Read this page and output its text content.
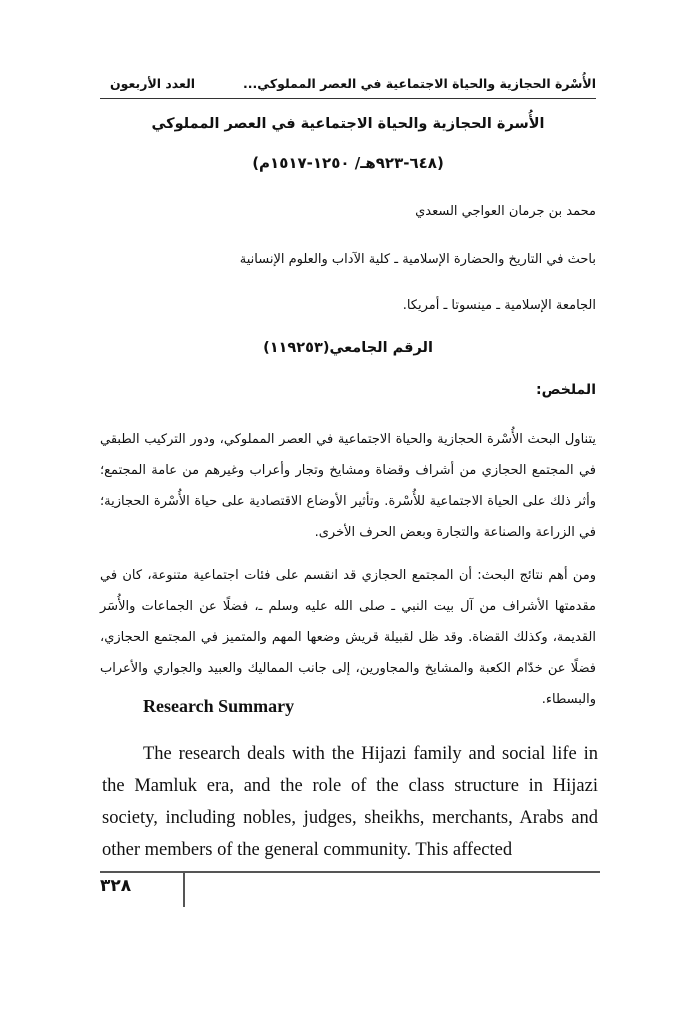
الأُسْرة الحجازية والحياة الاجتماعية في العصر المملوكي...
العدد الأربعون
الأُسرة الحجازية والحياة الاجتماعية في العصر المملوكي
(٦٤٨-٩٢٣هـ/ ١٢٥٠-١٥١٧م)
محمد بن جرمان العواجي السعدي
باحث في التاريخ والحضارة الإسلامية ـ كلية الآداب والعلوم الإنسانية
الجامعة الإسلامية ـ مينسوتا ـ أمريكا.
الرقم الجامعي(١١٩٢٥٣)
الملخص:
يتناول البحث الأُسْرة الحجازية والحياة الاجتماعية في العصر المملوكي، ودور التركيب الطبقي في المجتمع الحجازي من أشراف وقضاة ومشايخ وتجار وأعراب وغيرهم من عامة المجتمع؛ وأثر ذلك على الحياة الاجتماعية للأُسْرة. وتأثير الأوضاع الاقتصادية على حياة الأُسْرة الحجازية؛ في الزراعة والصناعة والتجارة وبعض الحرف الأخرى.
ومن أهم نتائج البحث: أن المجتمع الحجازي قد انقسم على فئات اجتماعية متنوعة، كان في مقدمتها الأشراف من آل بيت النبي ـ صلى الله عليه وسلم ـ، فضلًا عن الجماعات والأُسَر القديمة، وكذلك القضاة. وقد ظل لقبيلة قريش وضعها المهم والمتميز في المجتمع الحجازي، فضلًا عن خدّام الكعبة والمشايخ والمجاورين، إلى جانب المماليك والعبيد والجواري والأعراب والبسطاء.
Research Summary
The research deals with the Hijazi family and social life in the Mamluk era, and the role of the class structure in Hijazi society, including nobles, judges, sheikhs, merchants, Arabs and other members of the general community. This affected
٣٢٨
